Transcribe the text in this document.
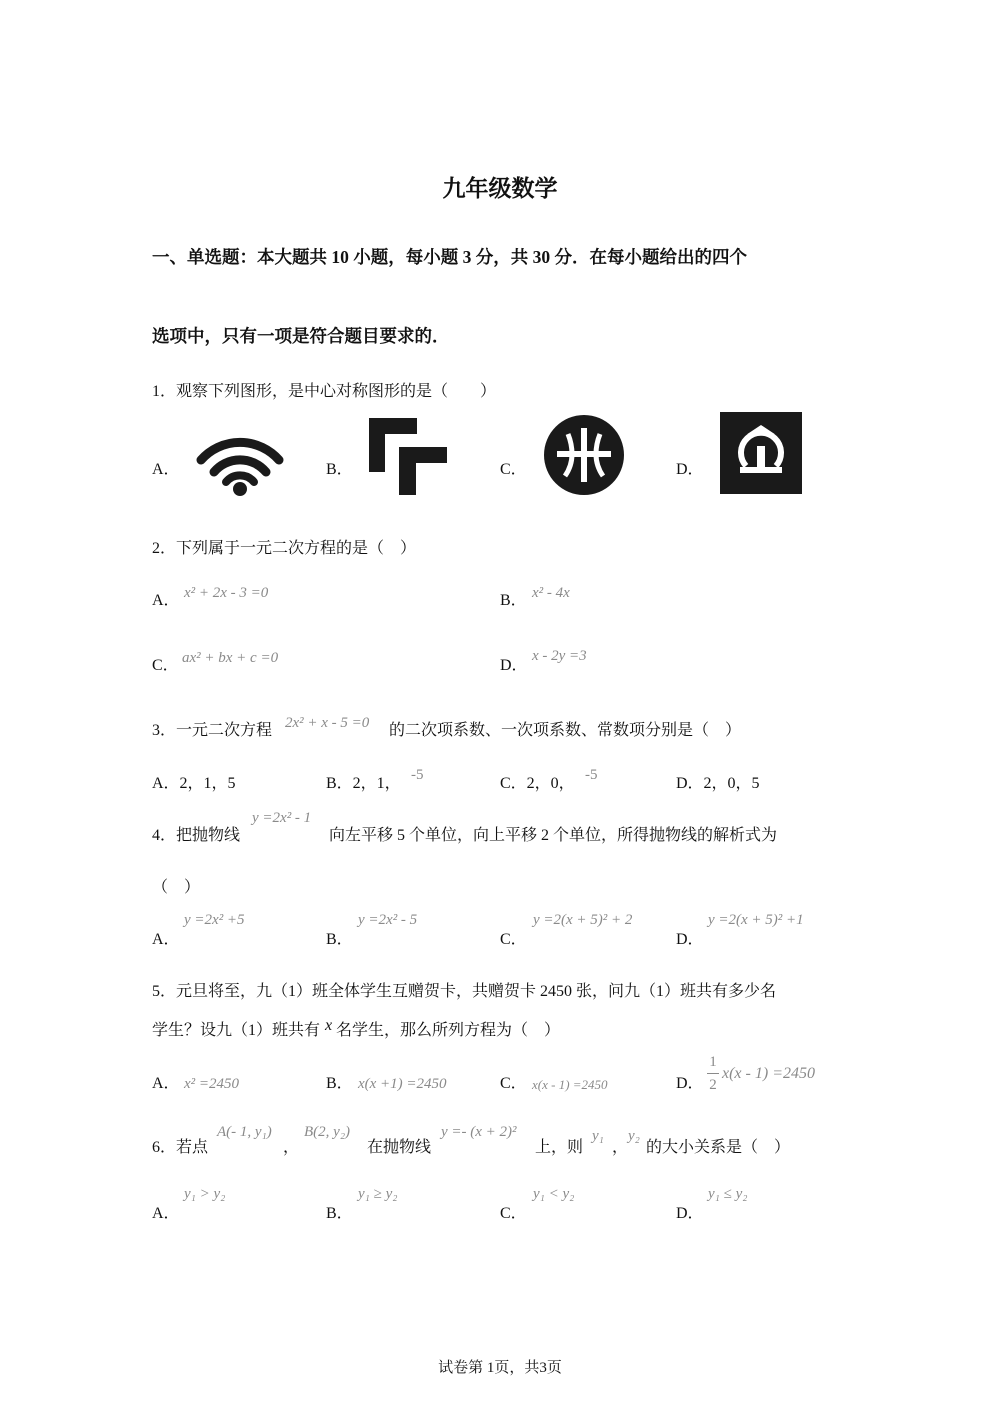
九年级数学
一、单选题：本大题共 10 小题，每小题 3 分，共 30 分．在每小题给出的四个
选项中，只有一项是符合题目要求的．
1．观察下列图形，是中心对称图形的是（　　）
A．	B．	C．	D．
2．下列属于一元二次方程的是（　）
A． x² + 2x - 3 =0	B． x² - 4x
C． ax² + bx + c =0	D．
x - 2y =3
3．一元二次方程 2x² + x - 5 =0 的二次项系数、一次项系数、常数项分别是（　）
A．2，1，5	B．2，1， -5	C．2，0， -5	D．2，0，5
4．把抛物线
y =2x² - 1
向左平移 5 个单位，向上平移 2 个单位，所得抛物线的解析式为
（　）
A．
y =2x² +5
B．
y =2x² - 5
C．
y =2(x + 5)² + 2
D．
y =2(x + 5)² +1
5．元旦将至，九（1）班全体学生互赠贺卡，共赠贺卡 2450 张，问九（1）班共有多少名
学生？设九（1）班共有 x 名学生，那么所列方程为（　）
A． x² =2450	B． x(x +1) =2450	C． x(x - 1) =2450	D．
1
2
x(x - 1) =2450
6．若点
A(- 1, y₁)
，
B(2, y₂)
在抛物线
y =- (x + 2)²
上，则
y₁
，
y₂
的大小关系是（　）
A．
y₁ > y₂
B．
y₁ ≥ y₂
C．
y₁ < y₂
D．
y₁ ≤ y₂
试卷第 1页，共3页
